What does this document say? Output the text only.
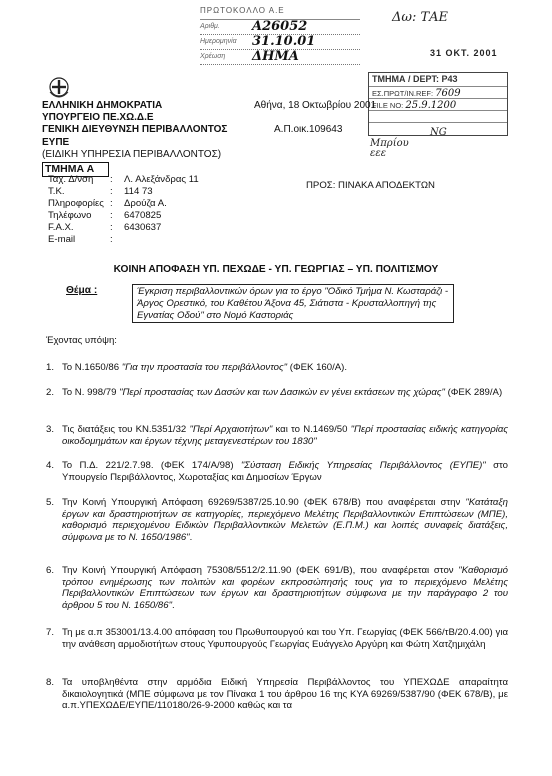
ΠΡΩΤΟΚΟΛΛΟ Α.Ε
Αριθμ.	Α26052
Ημερομηνία	31.10.01
Χρέωση	ΔΗΜΑ
Δω: ΤΑΕ
31 ΟΚΤ. 2001
ΤΜΗΜΑ / DEPT: Ρ43
ΕΣ.ΠΡΩΤ/IN.REF: 7609
FILE NO: 25.9.1200
NG
Μπρίου
εεε
ΕΛΛΗΝΙΚΗ ΔΗΜΟΚΡΑΤΙΑ
ΥΠΟΥΡΓΕΙΟ ΠΕ.ΧΩ.Δ.Ε
ΓΕΝΙΚΗ ΔΙΕΥΘΥΝΣΗ ΠΕΡΙΒΑΛΛΟΝΤΟΣ
ΕΥΠΕ
(ΕΙΔΙΚΗ ΥΠΗΡΕΣΙΑ ΠΕΡΙΒΑΛΛΟΝΤΟΣ)
ΤΜΗΜΑ Α
Αθήνα, 18 Οκτωβρίου 2001
Α.Π.οικ.109643
Ταχ. Δ/νση	:	Λ. Αλεξάνδρας 11
Τ.Κ.	:	114 73
Πληροφορίες :	Δρούζα Α.
Τηλέφωνο	:	6470825
F.A.X.	:	6430637
E-mail	:
ΠΡΟΣ: ΠΙΝΑΚΑ ΑΠΟΔΕΚΤΩΝ
ΚΟΙΝΗ ΑΠΟΦΑΣΗ ΥΠ. ΠΕΧΩΔΕ - ΥΠ. ΓΕΩΡΓΙΑΣ – ΥΠ. ΠΟΛΙΤΙΣΜΟΥ
Θέμα :	Έγκριση περιβαλλοντικών όρων για το έργο "Οδικό Τμήμα Ν. Κωσταράζι - Άργος Ορεστικό, του Καθέτου Άξονα 45, Σιάτιστα - Κρυσταλλοπηγή της Εγνατίας Οδού" στο Νομό Καστοριάς
Έχοντας υπόψη:
1. Το Ν.1650/86 "Για την προστασία του περιβάλλοντος" (ΦΕΚ 160/Α).
2. Το Ν. 998/79 "Περί προστασίας των Δασών και των Δασικών εν γένει εκτάσεων της χώρας" (ΦΕΚ 289/Α)
3. Τις διατάξεις του ΚΝ.5351/32 "Περί Αρχαιοτήτων" και το Ν.1469/50 "Περί προστασίας ειδικής κατηγορίας οικοδομημάτων και έργων τέχνης μεταγενεστέρων του 1830"
4. Το Π.Δ. 221/2.7.98. (ΦΕΚ 174/Α/98) "Σύσταση Ειδικής Υπηρεσίας Περιβάλλοντος (ΕΥΠΕ)" στο Υπουργείο Περιβάλλοντος, Χωροταξίας και Δημοσίων Έργων
5. Την Κοινή Υπουργική Απόφαση 69269/5387/25.10.90 (ΦΕΚ 678/Β) που αναφέρεται στην "Κατάταξη έργων και δραστηριοτήτων σε κατηγορίες, περιεχόμενο Μελέτης Περιβαλλοντικών Επιπτώσεων (ΜΠΕ), καθορισμό περιεχομένου Ειδικών Περιβαλλοντικών Μελετών (Ε.Π.Μ.) και λοιπές συναφείς διατάξεις, σύμφωνα με το Ν. 1650/1986".
6. Την Κοινή Υπουργική Απόφαση 75308/5512/2.11.90 (ΦΕΚ 691/Β), που αναφέρεται στον "Καθορισμό τρόπου ενημέρωσης των πολιτών και φορέων εκπροσώπησής τους για το περιεχόμενο Μελέτης Περιβαλλοντικών Επιπτώσεων των έργων και δραστηριοτήτων σύμφωνα με την παράγραφο 2 του άρθρου 5 του Ν. 1650/86".
7. Τη με α.π 353001/13.4.00 απόφαση του Πρωθυπουργού και του Υπ. Γεωργίας (ΦΕΚ 566/τΒ/20.4.00) για την ανάθεση αρμοδιοτήτων στους Υφυπουργούς Γεωργίας Ευάγγελο Αργύρη και Φώτη Χατζημιχάλη
8. Τα υποβληθέντα στην αρμόδια Ειδική Υπηρεσία Περιβάλλοντος του ΥΠΕΧΩΔΕ απαραίτητα δικαιολογητικά (ΜΠΕ σύμφωνα με τον Πίνακα 1 του άρθρου 16 της ΚΥΑ 69269/5387/90 (ΦΕΚ 678/Β), με α.π.ΥΠΕΧΩΔΕ/ΕΥΠΕ/110180/26-9-2000 καθώς και τα
